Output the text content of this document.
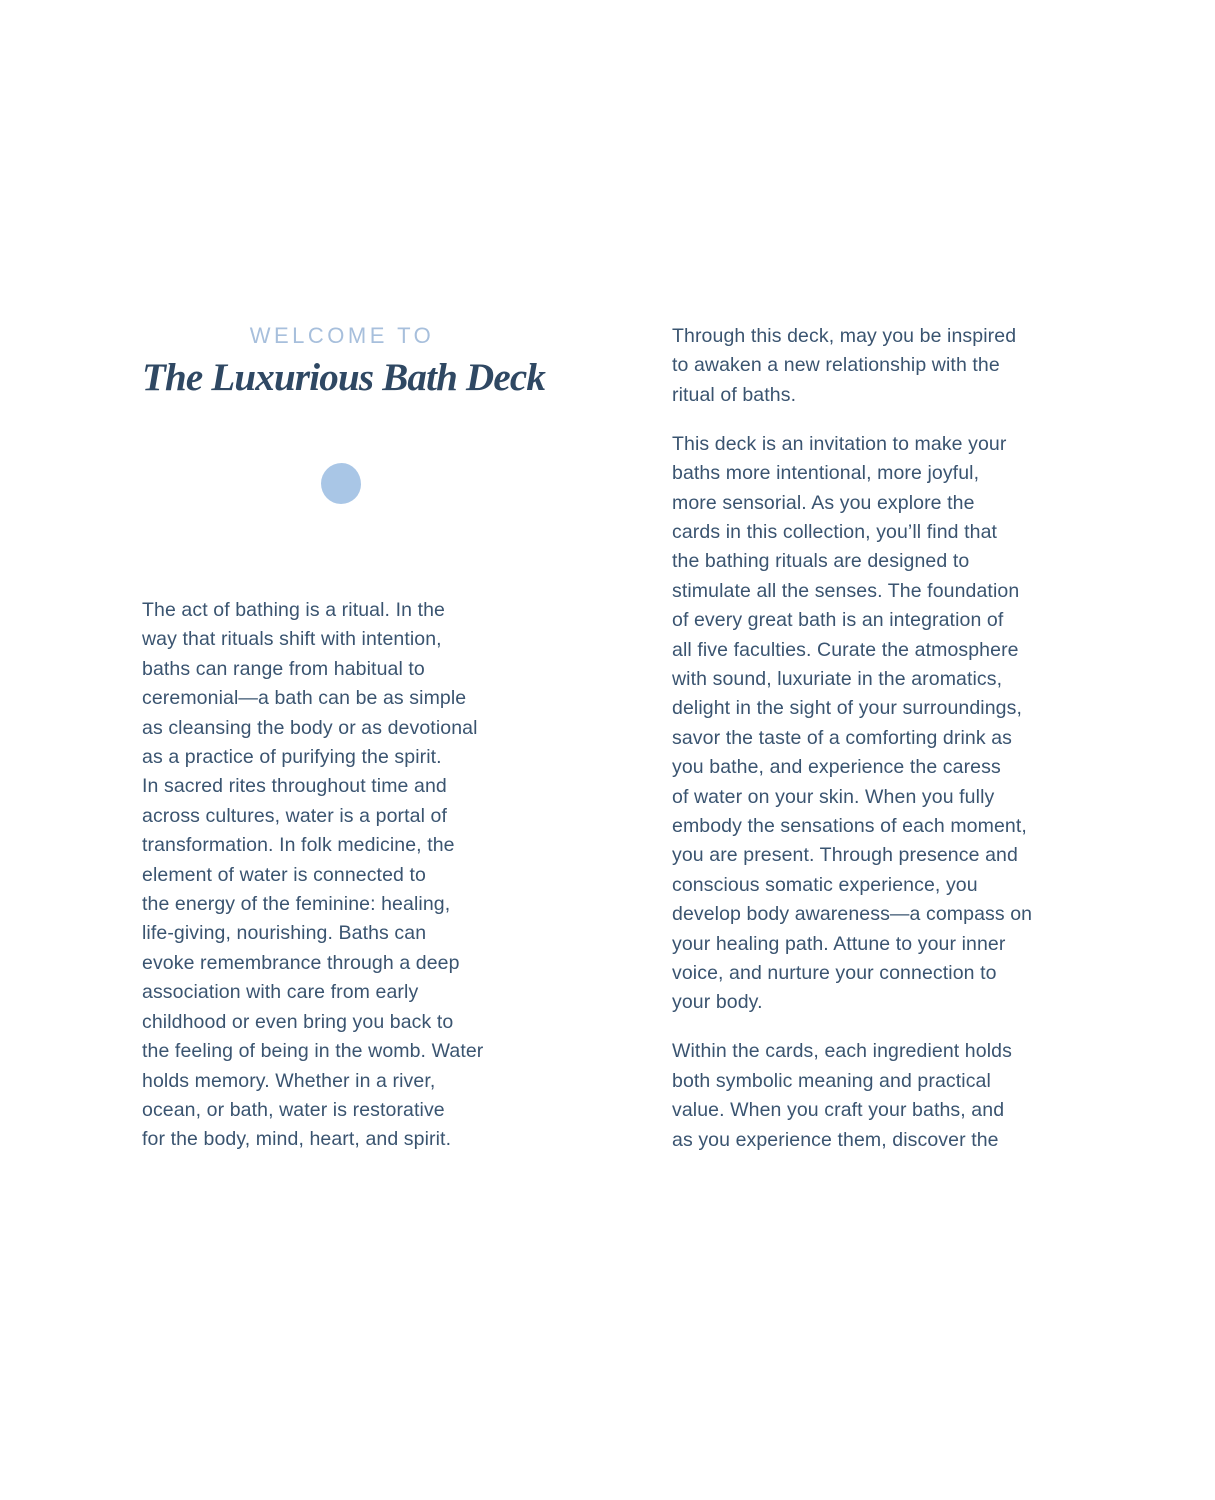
WELCOME TO

The Luxurious Bath Deck
The act of bathing is a ritual. In the
way that rituals shift with intention,
baths can range from habitual to
ceremonial—a bath can be as simple
as cleansing the body or as devotional
as a practice of purifying the spirit.
In sacred rites throughout time and
across cultures, water is a portal of
transformation. In folk medicine, the
element of water is connected to
the energy of the feminine: healing,
life-giving, nourishing. Baths can
evoke remembrance through a deep
association with care from early
childhood or even bring you back to
the feeling of being in the womb. Water
holds memory. Whether in a river,
ocean, or bath, water is restorative
for the body, mind, heart, and spirit.
Through this deck, may you be inspired
to awaken a new relationship with the
ritual of baths.
This deck is an invitation to make your
baths more intentional, more joyful,
more sensorial. As you explore the
cards in this collection, you’ll find that
the bathing rituals are designed to
stimulate all the senses. The foundation
of every great bath is an integration of
all five faculties. Curate the atmosphere
with sound, luxuriate in the aromatics,
delight in the sight of your surroundings,
savor the taste of a comforting drink as
you bathe, and experience the caress
of water on your skin. When you fully
embody the sensations of each moment,
you are present. Through presence and
conscious somatic experience, you
develop body awareness—a compass on
your healing path. Attune to your inner
voice, and nurture your connection to
your body.
Within the cards, each ingredient holds
both symbolic meaning and practical
value. When you craft your baths, and
as you experience them, discover the
